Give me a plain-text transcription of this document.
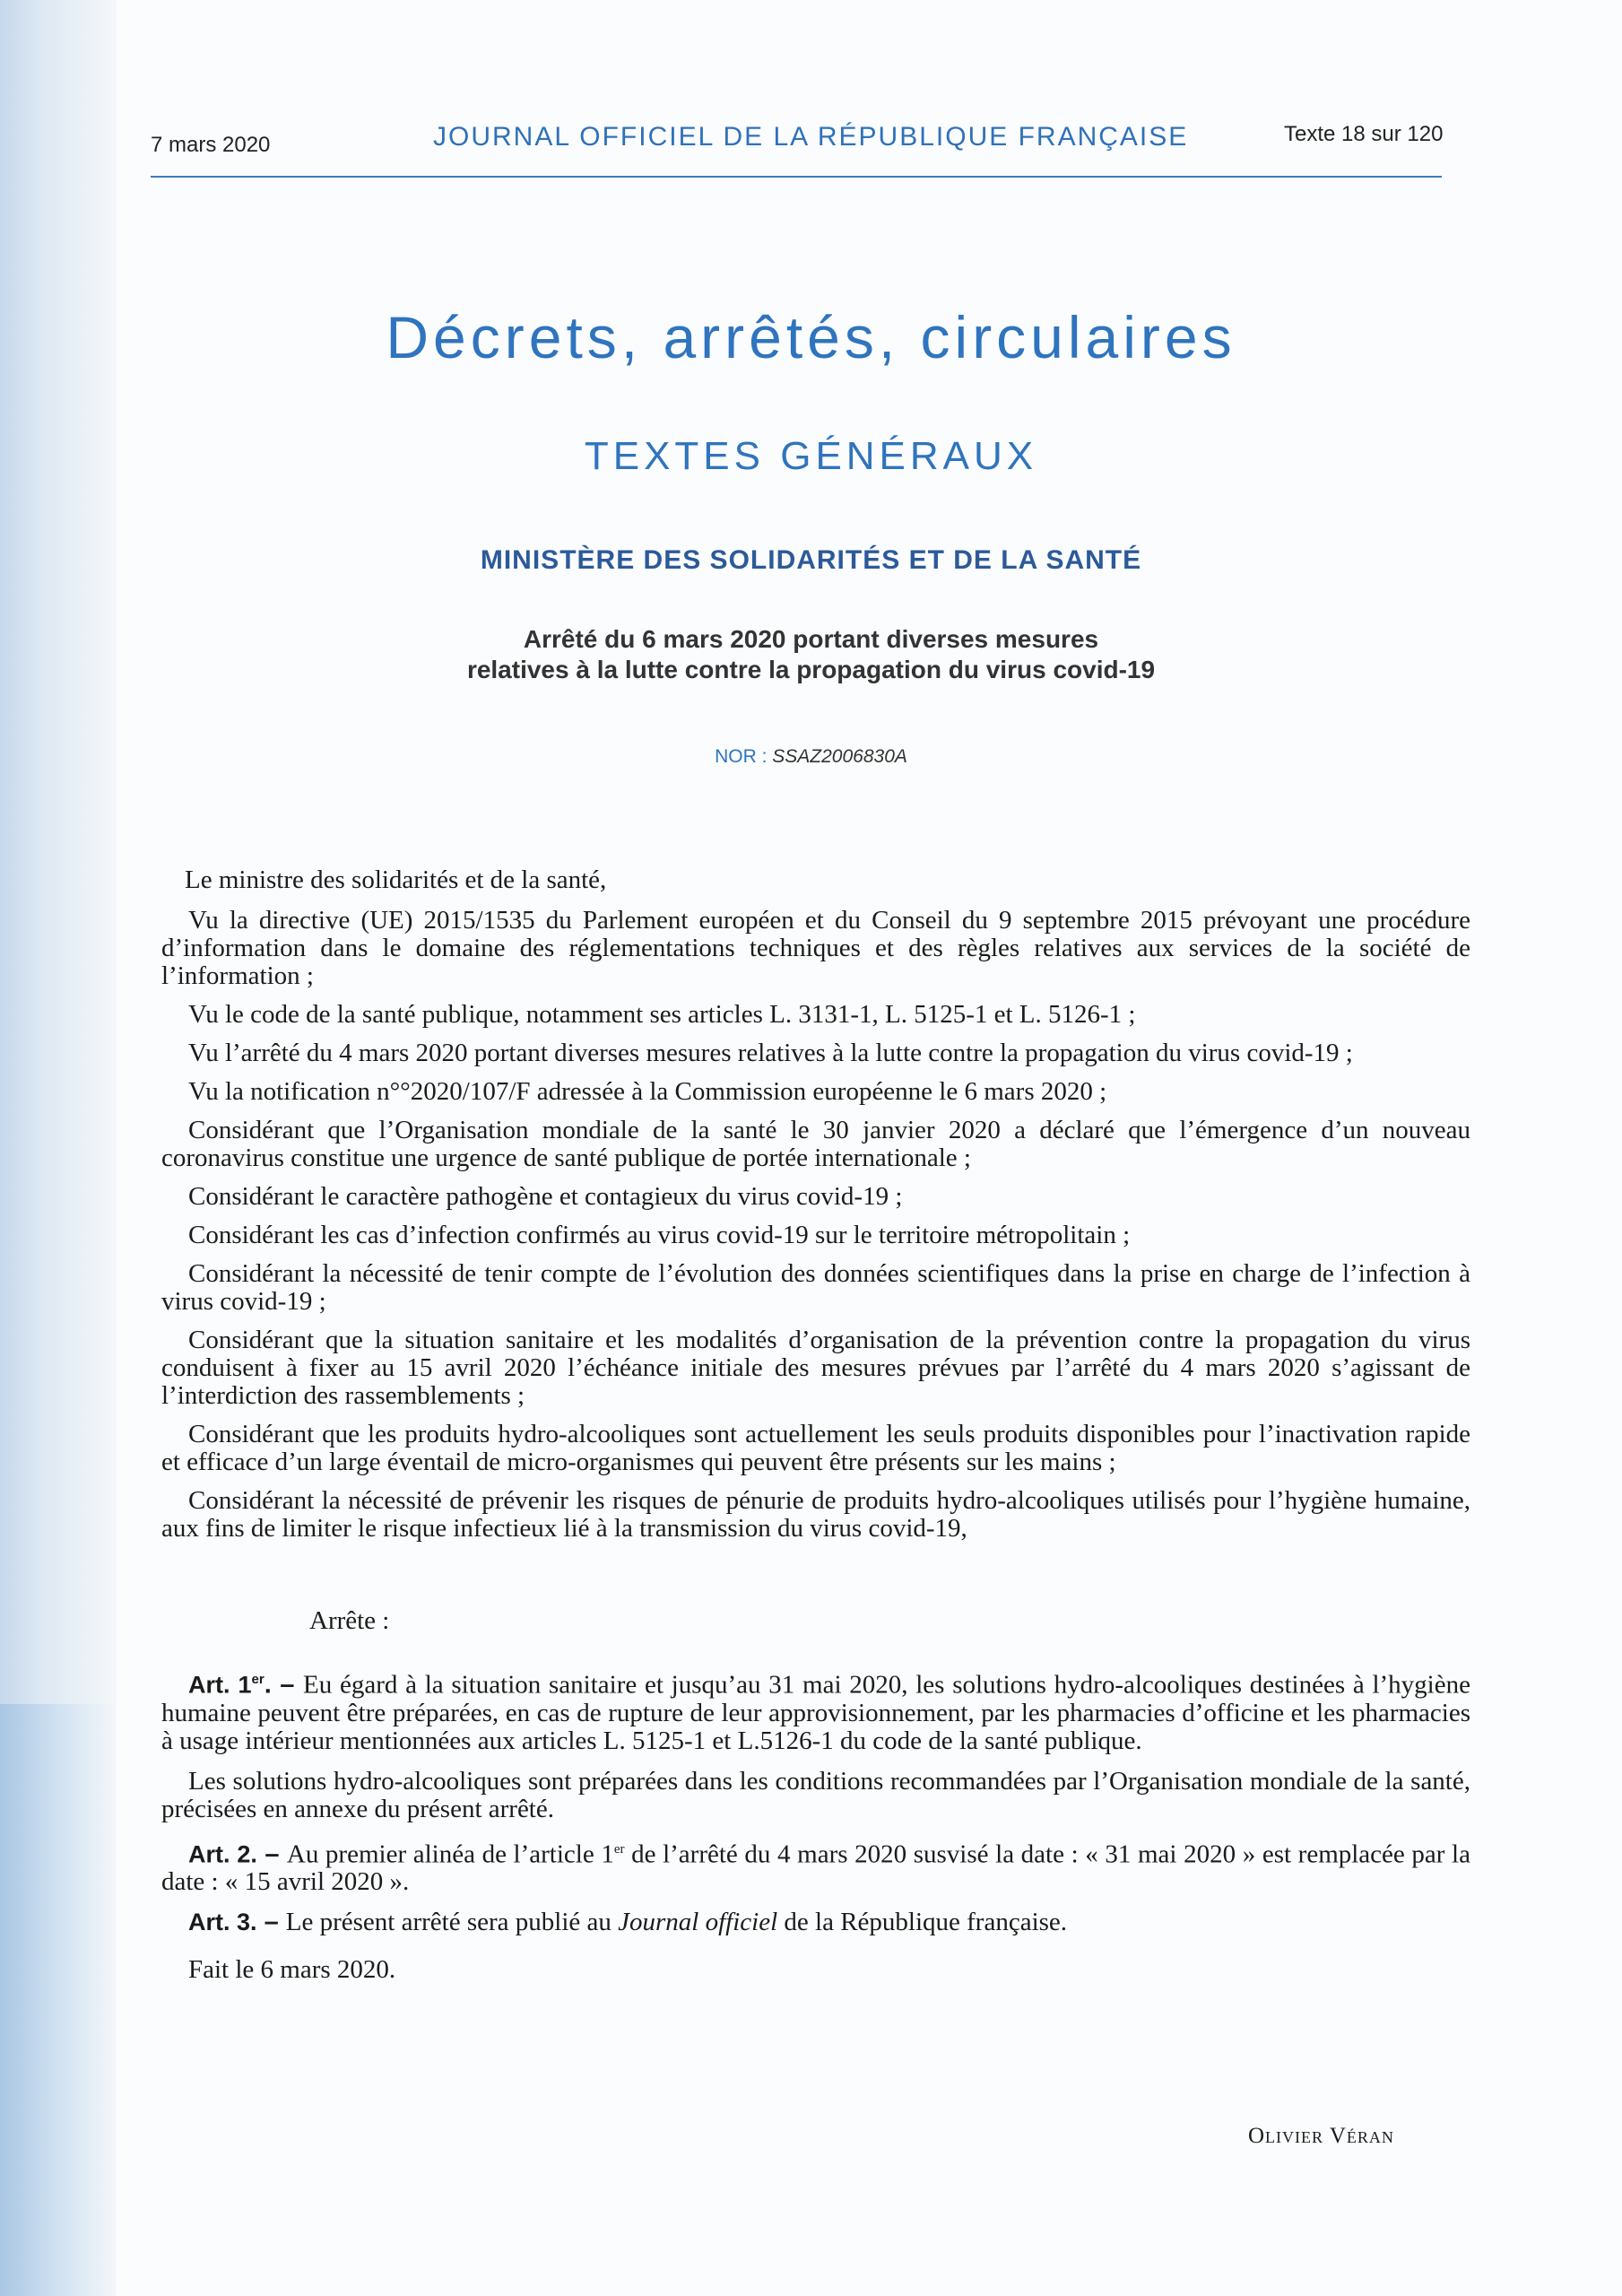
7 mars 2020	JOURNAL OFFICIEL DE LA RÉPUBLIQUE FRANÇAISE	Texte 18 sur 120
Décrets, arrêtés, circulaires
TEXTES GÉNÉRAUX
MINISTÈRE DES SOLIDARITÉS ET DE LA SANTÉ
Arrêté du 6 mars 2020 portant diverses mesures
relatives à la lutte contre la propagation du virus covid-19
NOR : SSAZ2006830A

Le ministre des solidarités et de la santé,

Vu la directive (UE) 2015/1535 du Parlement européen et du Conseil du 9 septembre 2015 prévoyant une procédure d’information dans le domaine des réglementations techniques et des règles relatives aux services de la société de l’information ;

Vu le code de la santé publique, notamment ses articles L. 3131-1, L. 5125-1 et L. 5126-1 ;

Vu l’arrêté du 4 mars 2020 portant diverses mesures relatives à la lutte contre la propagation du virus covid-19 ;

Vu la notification n°°2020/107/F adressée à la Commission européenne le 6 mars 2020 ;

Considérant que l’Organisation mondiale de la santé le 30 janvier 2020 a déclaré que l’émergence d’un nouveau coronavirus constitue une urgence de santé publique de portée internationale ;

Considérant le caractère pathogène et contagieux du virus covid-19 ;

Considérant les cas d’infection confirmés au virus covid-19 sur le territoire métropolitain ;

Considérant la nécessité de tenir compte de l’évolution des données scientifiques dans la prise en charge de l’infection à virus covid-19 ;

Considérant que la situation sanitaire et les modalités d’organisation de la prévention contre la propagation du virus conduisent à fixer au 15 avril 2020 l’échéance initiale des mesures prévues par l’arrêté du 4 mars 2020 s’agissant de l’interdiction des rassemblements ;

Considérant que les produits hydro-alcooliques sont actuellement les seuls produits disponibles pour l’inactivation rapide et efficace d’un large éventail de micro-organismes qui peuvent être présents sur les mains ;

Considérant la nécessité de prévenir les risques de pénurie de produits hydro-alcooliques utilisés pour l’hygiène humaine, aux fins de limiter le risque infectieux lié à la transmission du virus covid-19,

Arrête :

Art. 1er. – Eu égard à la situation sanitaire et jusqu’au 31 mai 2020, les solutions hydro-alcooliques destinées à l’hygiène humaine peuvent être préparées, en cas de rupture de leur approvisionnement, par les pharmacies d’officine et les pharmacies à usage intérieur mentionnées aux articles L. 5125-1 et L.5126-1 du code de la santé publique.

Les solutions hydro-alcooliques sont préparées dans les conditions recommandées par l’Organisation mondiale de la santé, précisées en annexe du présent arrêté.

Art. 2. – Au premier alinéa de l’article 1er de l’arrêté du 4 mars 2020 susvisé la date : « 31 mai 2020 » est remplacée par la date : « 15 avril 2020 ».

Art. 3. – Le présent arrêté sera publié au Journal officiel de la République française.

Fait le 6 mars 2020.

Olivier Véran
